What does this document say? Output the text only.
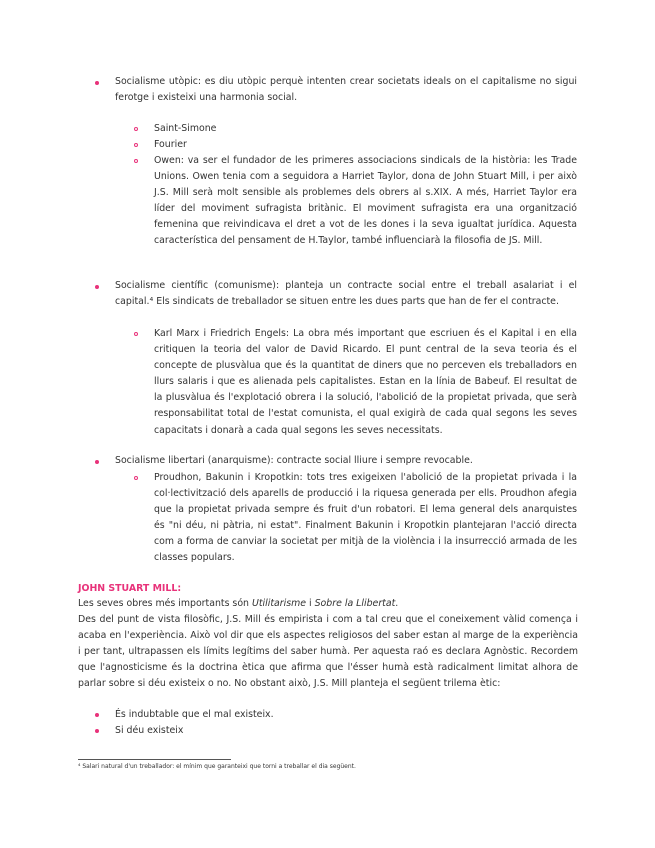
Socialisme utòpic: es diu utòpic perquè intenten crear societats ideals on el capitalisme no sigui ferotge i existeixi una harmonia social.
Saint-Simone
Fourier
Owen: va ser el fundador de les primeres associacions sindicals de la història: les Trade Unions. Owen tenia com a seguidora a Harriet Taylor, dona de John Stuart Mill, i per això J.S. Mill serà molt sensible als problemes dels obrers al s.XIX. A més, Harriet Taylor era líder del moviment sufragista britànic. El moviment sufragista era una organització femenina que reivindicava el dret a vot de les dones i la seva igualtat jurídica. Aquesta característica del pensament de H.Taylor, també influenciarà la filosofia de JS. Mill.
Socialisme científic (comunisme): planteja un contracte social entre el treball asalariat i el capital.⁴ Els sindicats de treballador se situen entre les dues parts que han de fer el contracte.
Karl Marx i Friedrich Engels: La obra més important que escriuen és el Kapital i en ella critiquen la teoria del valor de David Ricardo. El punt central de la seva teoria és el concepte de plusvàlua que és la quantitat de diners que no perceven els treballadors en llurs salaris i que es alienada pels capitalistes. Estan en la línia de Babeuf. El resultat de la plusvàlua és l'explotació obrera i la solució, l'abolició de la propietat privada, que serà responsabilitat total de l'estat comunista, el qual exigirà de cada qual segons les seves capacitats i donarà a cada qual segons les seves necessitats.
Socialisme libertari (anarquisme): contracte social lliure i sempre revocable.
Proudhon, Bakunin i Kropotkin: tots tres exigeixen l'abolició de la propietat privada i la col·lectivització dels aparells de producció i la riquesa generada per ells. Proudhon afegia que la propietat privada sempre és fruit d'un robatori. El lema general dels anarquistes és "ni déu, ni pàtria, ni estat". Finalment Bakunin i Kropotkin plantejaran l'acció directa com a forma de canviar la societat per mitjà de la violència i la insurrecció armada de les classes populars.
JOHN STUART MILL:
Les seves obres més importants són Utilitarisme i Sobre la Llibertat.
Des del punt de vista filosòfic, J.S. Mill és empirista i com a tal creu que el coneixement vàlid comença i acaba en l'experiència. Això vol dir que els aspectes religiosos del saber estan al marge de la experiència i per tant, ultrapassen els límits legítims del saber humà. Per aquesta raó es declara Agnòstic. Recordem que l'agnosticisme és la doctrina ètica que afirma que l'ésser humà està radicalment limitat alhora de parlar sobre si déu existeix o no. No obstant això, J.S. Mill planteja el següent trilema ètic:
És indubtable que el mal existeix.
Si déu existeix
⁴ Salari natural d'un treballador: el mínim que garanteixi que torni a treballar el dia següent.
